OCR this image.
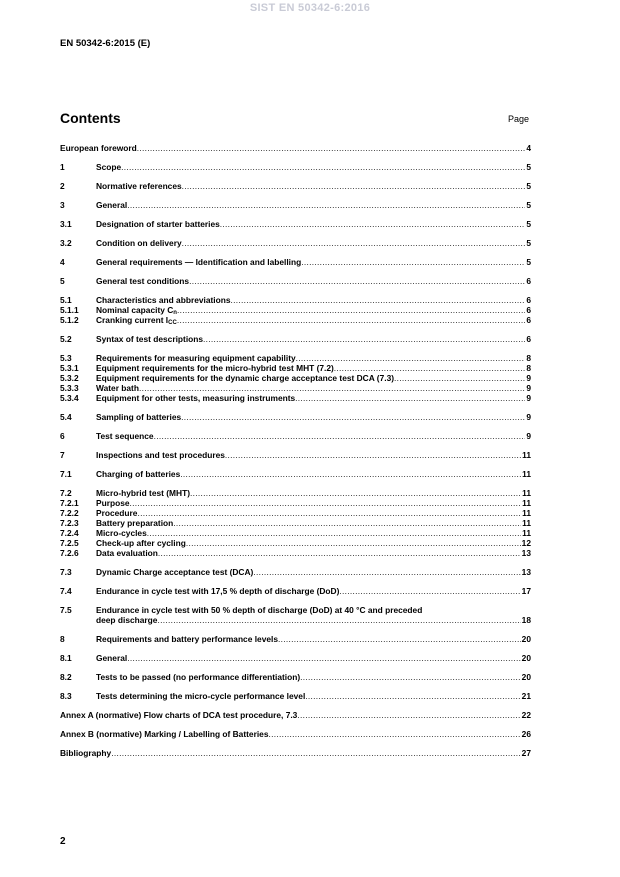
SIST EN 50342-6:2016
EN 50342-6:2015 (E)
Contents	Page
European foreword .....	4
1	Scope .....	5
2	Normative references .....	5
3	General .....	5
3.1	Designation of starter batteries .....	5
3.2	Condition on delivery .....	5
4	General requirements — Identification and labelling .....	5
5	General test conditions .....	6
5.1	Characteristics and abbreviations .....	6
5.1.1	Nominal capacity $C_n$ .....	6
5.1.2	Cranking current $I_{CC}$ .....	6
5.2	Syntax of test descriptions .....	6
5.3	Requirements for measuring equipment capability .....	8
5.3.1	Equipment requirements for the micro-hybrid test MHT (7.2) .....	8
5.3.2	Equipment requirements for the dynamic charge acceptance test DCA (7.3) .....	9
5.3.3	Water bath .....	9
5.3.4	Equipment for other tests, measuring instruments .....	9
5.4	Sampling of batteries .....	9
6	Test sequence .....	9
7	Inspections and test procedures .....	11
7.1	Charging of batteries .....	11
7.2	Micro-hybrid test (MHT) .....	11
7.2.1	Purpose .....	11
7.2.2	Procedure .....	11
7.2.3	Battery preparation .....	11
7.2.4	Micro-cycles .....	11
7.2.5	Check-up after cycling .....	12
7.2.6	Data evaluation .....	13
7.3	Dynamic Charge acceptance test (DCA) .....	13
7.4	Endurance in cycle test with 17,5 % depth of discharge (DoD) .....	17
7.5	Endurance in cycle test with 50 % depth of discharge (DoD) at 40 °C and preceded
deep discharge .....	18
8	Requirements and battery performance levels .....	20
8.1	General .....	20
8.2	Tests to be passed (no performance differentiation) .....	20
8.3	Tests determining the micro-cycle performance level .....	21
Annex A (normative) Flow charts of DCA test procedure, 7.3 .....	22
Annex B (normative) Marking / Labelling of Batteries .....	26
Bibliography .....	27
2
